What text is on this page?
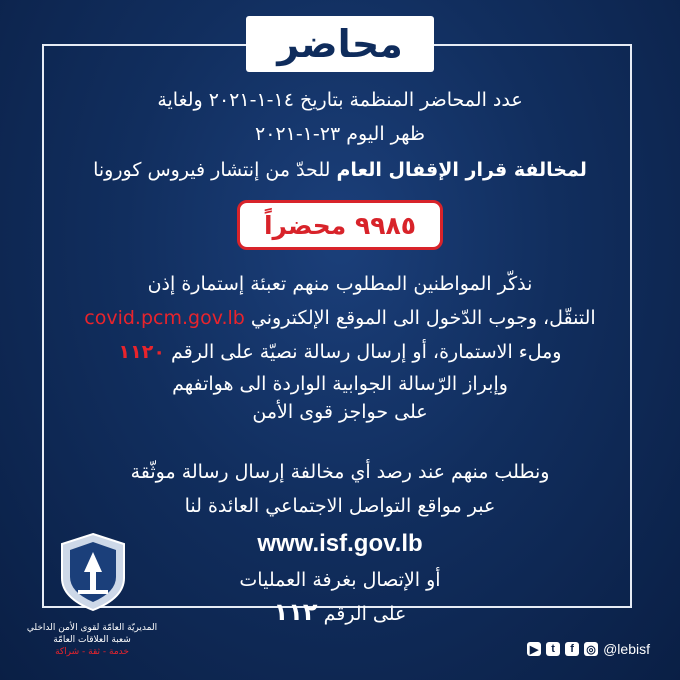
محاضر
عدد المحاضر المنظمة بتاريخ ١٤-١-٢٠٢١ ولغاية
ظهر اليوم ٢٣-١-٢٠٢١
لمخالفة قرار الإقفال العام للحدّ من إنتشار فيروس كورونا
٩٩٨٥ محضراً
نذكّر المواطنين المطلوب منهم تعبئة إستمارة إذن
التنقّل، وجوب الدّخول الى الموقع الإلكتروني covid.pcm.gov.lb
وملء الاستمارة، أو إرسال رسالة نصيّة على الرقم ١١٢٠
وإبراز الرّسالة الجوابية الواردة الى هواتفهم
على حواجز قوى الأمن
ونطلب منهم عند رصد أي مخالفة إرسال رسالة موثّقة
عبر مواقع التواصل الاجتماعي العائدة لنا
www.isf.gov.lb
أو الإتصال بغرفة العمليات
على الرقم ١١٢
المديريّة العامّة لقوى الأمن الداخلي
شعبة العلاقات العامّة
خدمة - ثقة - شراكة	▶	t	f	◎ @lebisf
